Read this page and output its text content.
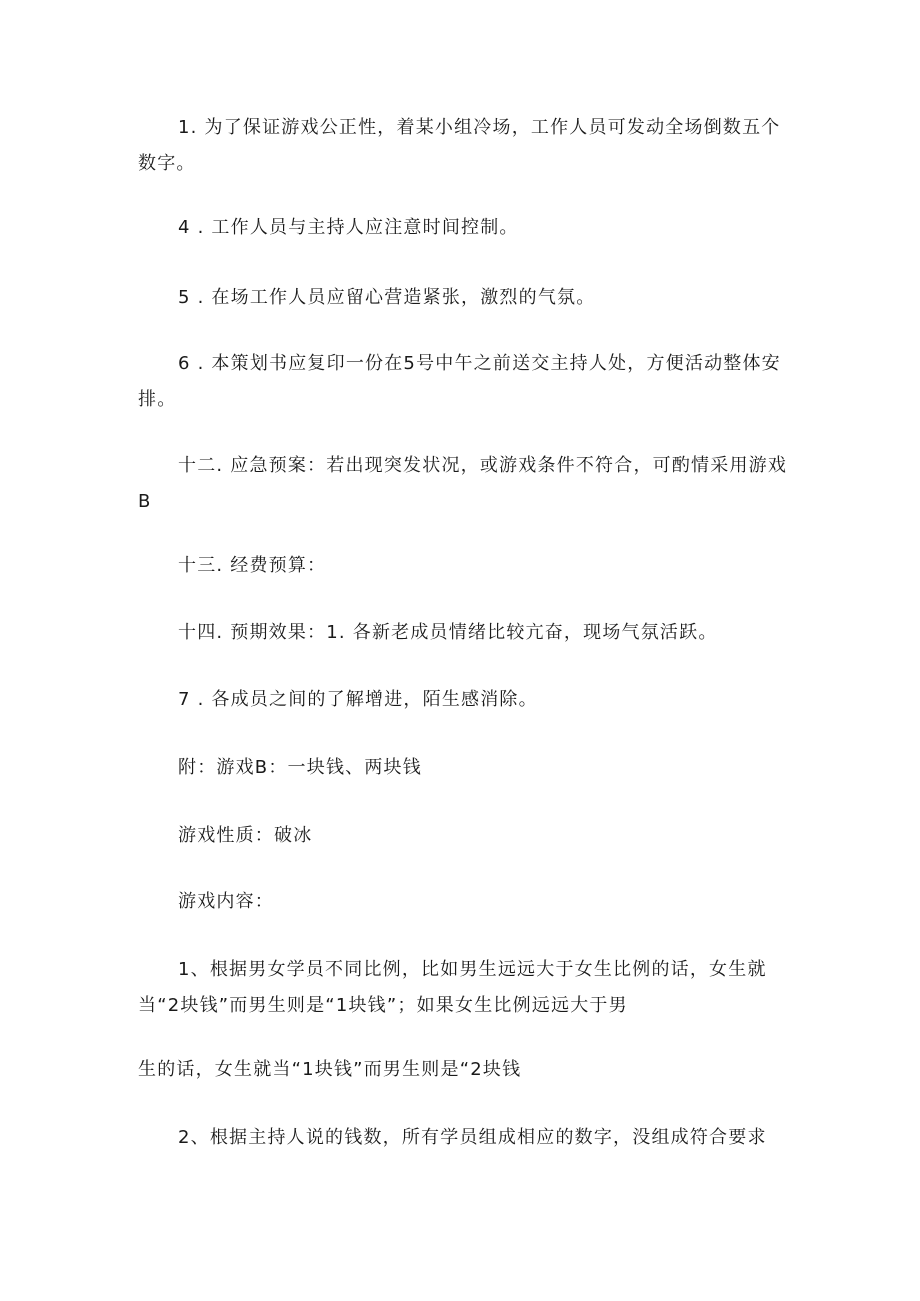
1. 为了保证游戏公正性，着某小组冷场，工作人员可发动全场倒数五个数字。

4 . 工作人员与主持人应注意时间控制。

5 . 在场工作人员应留心营造紧张，激烈的气氛。

6 . 本策划书应复印一份在5号中午之前送交主持人处，方便活动整体安排。

十二. 应急预案：若出现突发状况，或游戏条件不符合，可酌情采用游戏B

十三. 经费预算：

十四. 预期效果：1. 各新老成员情绪比较亢奋，现场气氛活跃。

7 . 各成员之间的了解增进，陌生感消除。

附：游戏B：一块钱、两块钱

游戏性质：破冰

游戏内容：

1、根据男女学员不同比例，比如男生远远大于女生比例的话，女生就当“2块钱”而男生则是“1块钱”；如果女生比例远远大于男

生的话，女生就当“1块钱”而男生则是“2块钱

2、根据主持人说的钱数，所有学员组成相应的数字，没组成符合要求
